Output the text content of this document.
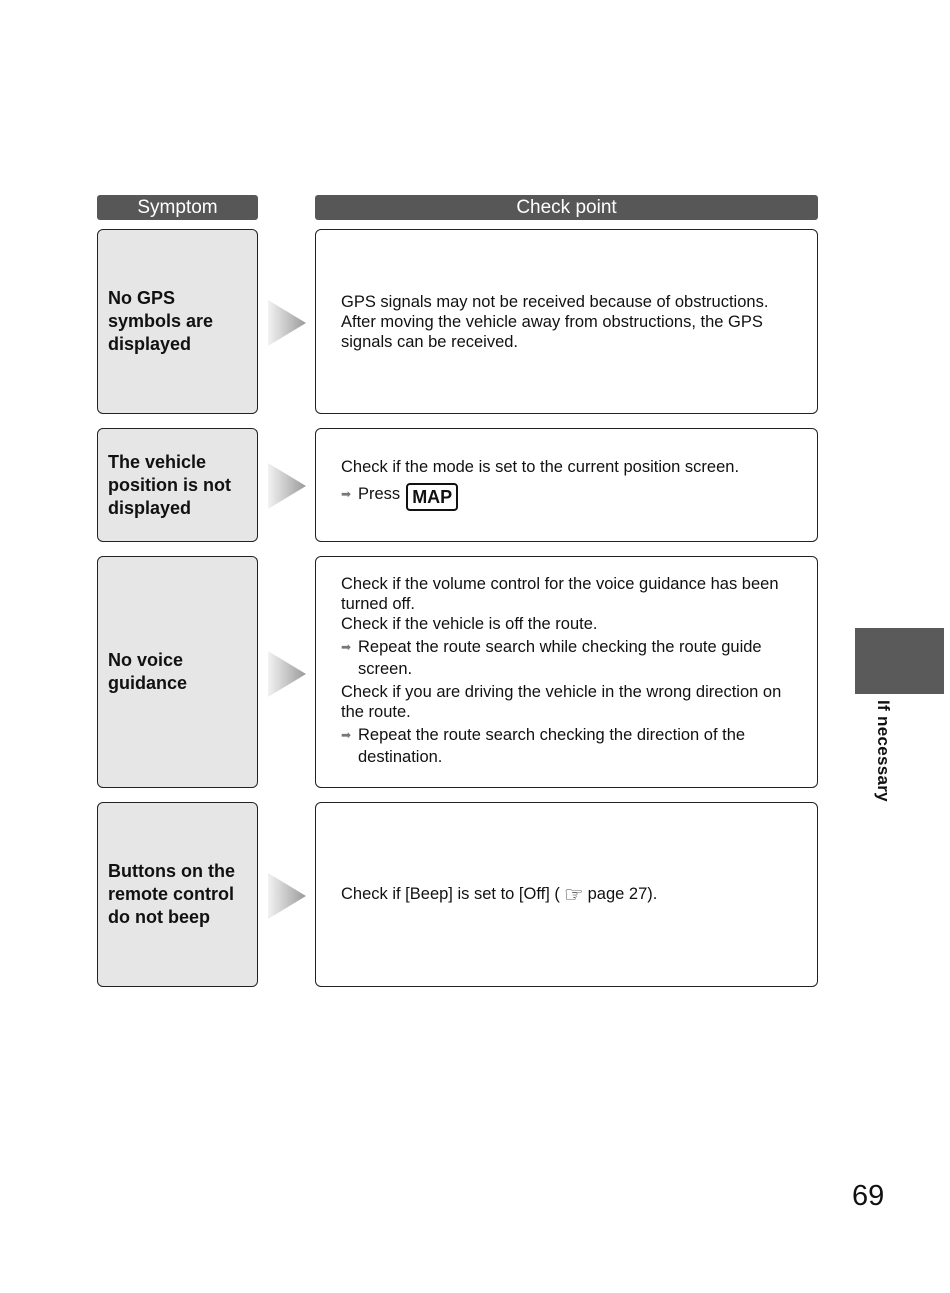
Symptom	Check point
No GPS
symbols are
displayed
GPS signals may not be received because of obstructions.
After moving the vehicle away from obstructions, the GPS
signals can be received.
The vehicle
position is not
displayed
Check if the mode is set to the current position screen.
➡ Press MAP
No voice
guidance
Check if the volume control for the voice guidance has been
turned off.
Check if the vehicle is off the route.
➡ Repeat the route search while checking the route guide
screen.
Check if you are driving the vehicle in the wrong direction on
the route.
➡ Repeat the route search checking the direction of the
destination.
Buttons on the
remote control
do not beep
Check if [Beep] is set to [Off] ( ☞ page 27).
If necessary
69
